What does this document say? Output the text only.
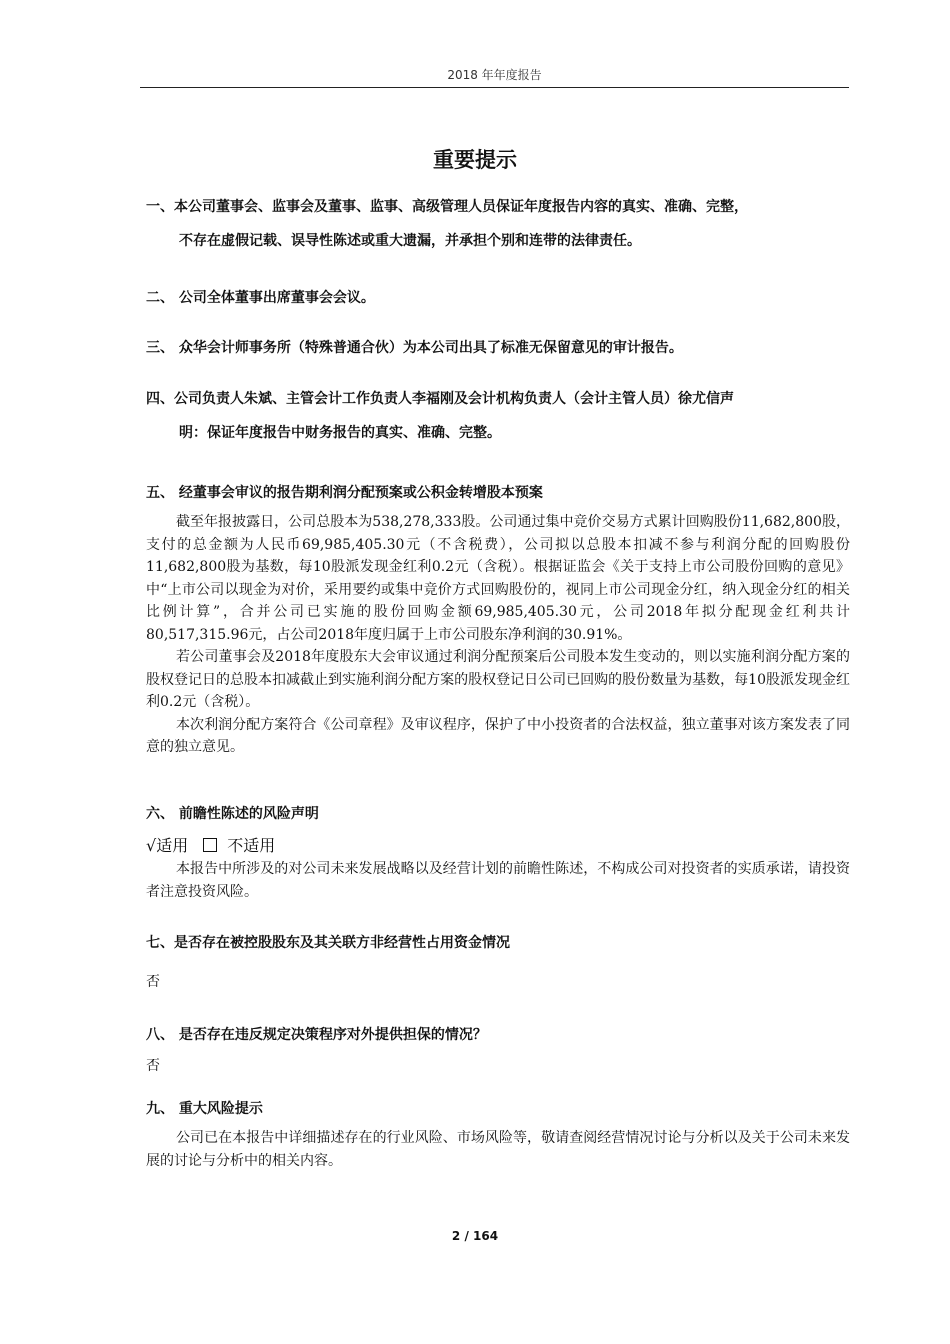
2018 年年度报告
重要提示
一、本公司董事会、监事会及董事、监事、高级管理人员保证年度报告内容的真实、准确、完整，
不存在虚假记载、误导性陈述或重大遗漏，并承担个别和连带的法律责任。
二、 公司全体董事出席董事会会议。
三、 众华会计师事务所（特殊普通合伙）为本公司出具了标准无保留意见的审计报告。
四、公司负责人朱斌、主管会计工作负责人李福刚及会计机构负责人（会计主管人员）徐尤信声
明：保证年度报告中财务报告的真实、准确、完整。
五、 经董事会审议的报告期利润分配预案或公积金转增股本预案

截至年报披露日，公司总股本为538,278,333股。公司通过集中竞价交易方式累计回购股份11,682,800股，支付的总金额为人民币69,985,405.30元（不含税费），公司拟以总股本扣减不参与利润分配的回购股份11,682,800股为基数，每10股派发现金红利0.2元（含税）。根据证监会《关于支持上市公司股份回购的意见》中“上市公司以现金为对价，采用要约或集中竞价方式回购股份的，视同上市公司现金分红，纳入现金分红的相关比例计算”，合并公司已实施的股份回购金额69,985,405.30元，公司2018年拟分配现金红利共计80,517,315.96元，占公司2018年度归属于上市公司股东净利润的30.91%。

若公司董事会及2018年度股东大会审议通过利润分配预案后公司股本发生变动的，则以实施利润分配方案的股权登记日的总股本扣减截止到实施利润分配方案的股权登记日公司已回购的股份数量为基数，每10股派发现金红利0.2元（含税）。

本次利润分配方案符合《公司章程》及审议程序，保护了中小投资者的合法权益，独立董事对该方案发表了同意的独立意见。

六、 前瞻性陈述的风险声明
√适用 不适用

本报告中所涉及的对公司未来发展战略以及经营计划的前瞻性陈述，不构成公司对投资者的实质承诺，请投资者注意投资风险。

七、是否存在被控股股东及其关联方非经营性占用资金情况
否
八、 是否存在违反规定决策程序对外提供担保的情况？
否
九、 重大风险提示

公司已在本报告中详细描述存在的行业风险、市场风险等，敬请查阅经营情况讨论与分析以及关于公司未来发展的讨论与分析中的相关内容。

2 / 164
